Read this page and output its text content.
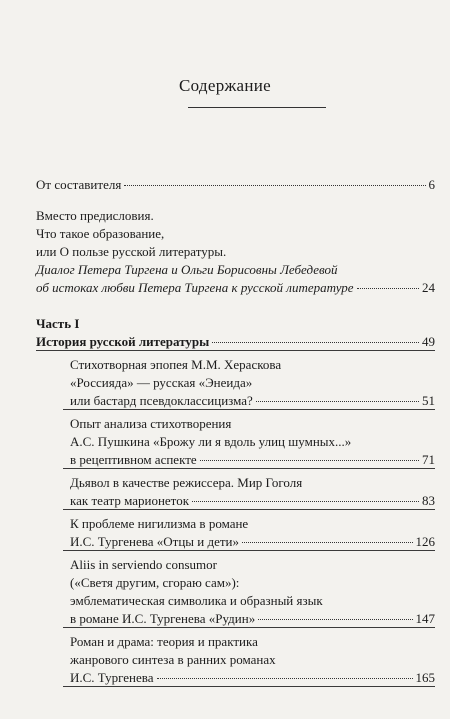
Содержание
От составителя	6
Вместо предисловия.
Что такое образование,
или О пользе русской литературы.
Диалог Петера Тиргена и Ольги Борисовны Лебедевой
об истоках любви Петера Тиргена к русской литературе	24
Часть I
История русской литературы	49
Стихотворная эпопея М.М. Хераскова
«Россияда» — русская «Энеида»
или бастард псевдоклассицизма?	51
Опыт анализа стихотворения
А.С. Пушкина «Брожу ли я вдоль улиц шумных...»
в рецептивном аспекте	71
Дьявол в качестве режиссера. Мир Гоголя
как театр марионеток	83
К проблеме нигилизма в романе
И.С. Тургенева «Отцы и дети»	126
Aliis in serviendo consumor
(«Светя другим, сгораю сам»):
эмблематическая символика и образный язык
в романе И.С. Тургенева «Рудин»	147
Роман и драма: теория и практика
жанрового синтеза в ранних романах
И.С. Тургенева	165
